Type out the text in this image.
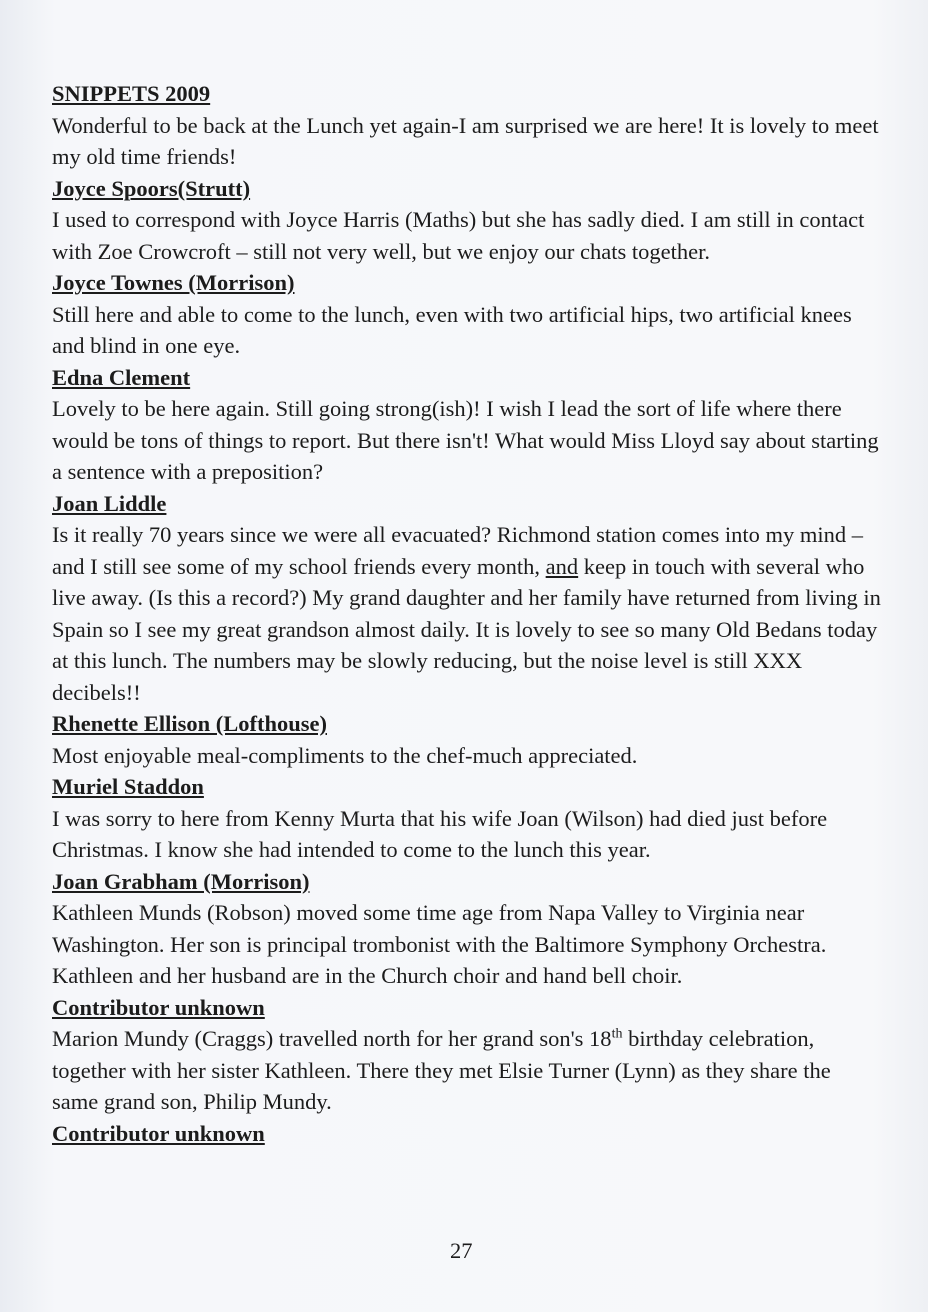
SNIPPETS 2009
Wonderful to be back at the Lunch yet again-I am surprised we are here! It is lovely to meet my old time friends!
Joyce Spoors(Strutt)
I used to correspond with Joyce Harris (Maths) but she has sadly died. I am still in contact with Zoe Crowcroft – still not very well, but we enjoy our chats together.
Joyce Townes (Morrison)
Still here and able to come to the lunch, even with two artificial hips, two artificial knees and blind in one eye.
Edna Clement
Lovely to be here again. Still going strong(ish)! I wish I lead the sort of life where there would be tons of things to report. But there isn't! What would Miss Lloyd say about starting a sentence with a preposition?
Joan Liddle
Is it really 70 years since we were all evacuated? Richmond station comes into my mind – and I still see some of my school friends every month, and keep in touch with several who live away. (Is this a record?) My grand daughter and her family have returned from living in Spain so I see my great grandson almost daily. It is lovely to see so many Old Bedans today at this lunch. The numbers may be slowly reducing, but the noise level is still XXX decibels!!
Rhenette Ellison (Lofthouse)
Most enjoyable meal-compliments to the chef-much appreciated.
Muriel Staddon
I was sorry to here from Kenny Murta that his wife Joan (Wilson) had died just before Christmas. I know she had intended to come to the lunch this year.
Joan Grabham (Morrison)
Kathleen Munds (Robson) moved some time age from Napa Valley to Virginia near Washington. Her son is principal trombonist with the Baltimore Symphony Orchestra. Kathleen and her husband are in the Church choir and hand bell choir.
Contributor unknown
Marion Mundy (Craggs) travelled north for her grand son's 18th birthday celebration, together with her sister Kathleen. There they met Elsie Turner (Lynn) as they share the same grand son, Philip Mundy.
Contributor unknown
27
